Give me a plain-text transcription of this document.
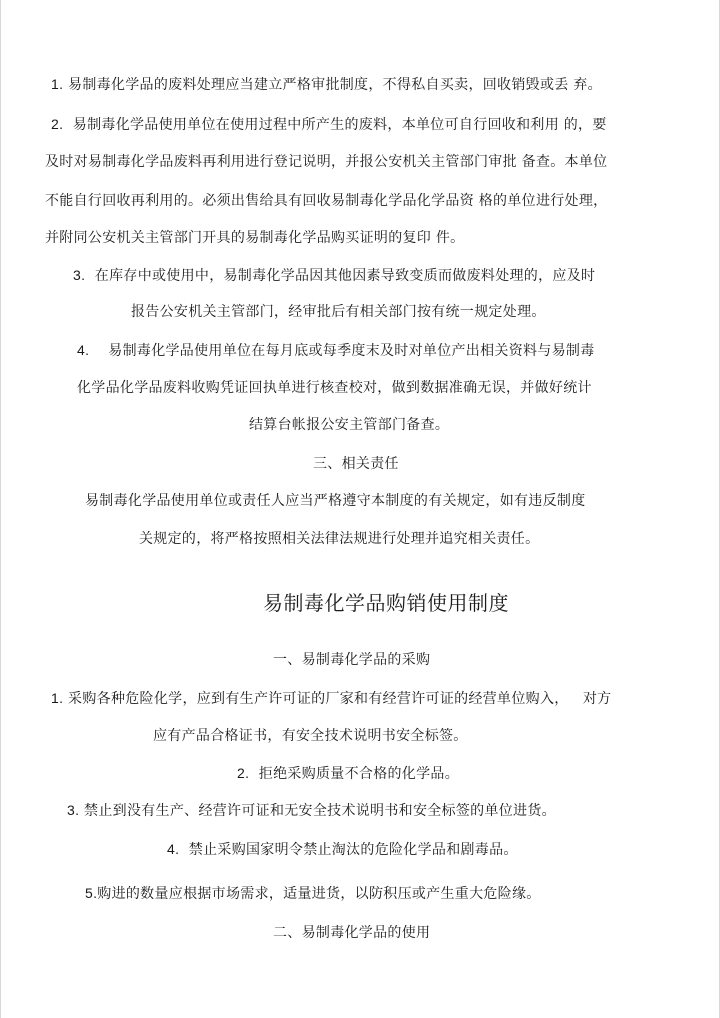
1. 易制毒化学品的废料处理应当建立严格审批制度，不得私自买卖，回收销毁或丢 弃。
2. 易制毒化学品使用单位在使用过程中所产生的废料，本单位可自行回收和利用 的，要
及时对易制毒化学品废料再利用进行登记说明，并报公安机关主管部门审批 备查。本单位
不能自行回收再利用的。必须出售给具有回收易制毒化学品化学品资 格的单位进行处理，
并附同公安机关主管部门开具的易制毒化学品购买证明的复印 件。
3. 在库存中或使用中，易制毒化学品因其他因素导致变质而做废料处理的，应及时
报告公安机关主管部门，经审批后有相关部门按有统一规定处理。
4. 易制毒化学品使用单位在每月底或每季度末及时对单位产出相关资料与易制毒
化学品化学品废料收购凭证回执单进行核查校对，做到数据准确无误，并做好统计
结算台帐报公安主管部门备查。
三、相关责任
易制毒化学品使用单位或责任人应当严格遵守本制度的有关规定，如有违反制度
关规定的，将严格按照相关法律法规进行处理并追究相关责任。
易制毒化学品购销使用制度
一、易制毒化学品的采购
1. 采购各种危险化学，应到有生产许可证的厂家和有经营许可证的经营单位购入， 对方
应有产品合格证书，有安全技术说明书安全标签。
2. 拒绝采购质量不合格的化学品。
3. 禁止到没有生产、经营许可证和无安全技术说明书和安全标签的单位进货。
4. 禁止采购国家明令禁止淘汰的危险化学品和剧毒品。
5.购进的数量应根据市场需求，适量进货，以防积压或产生重大危险缘。
二、易制毒化学品的使用
